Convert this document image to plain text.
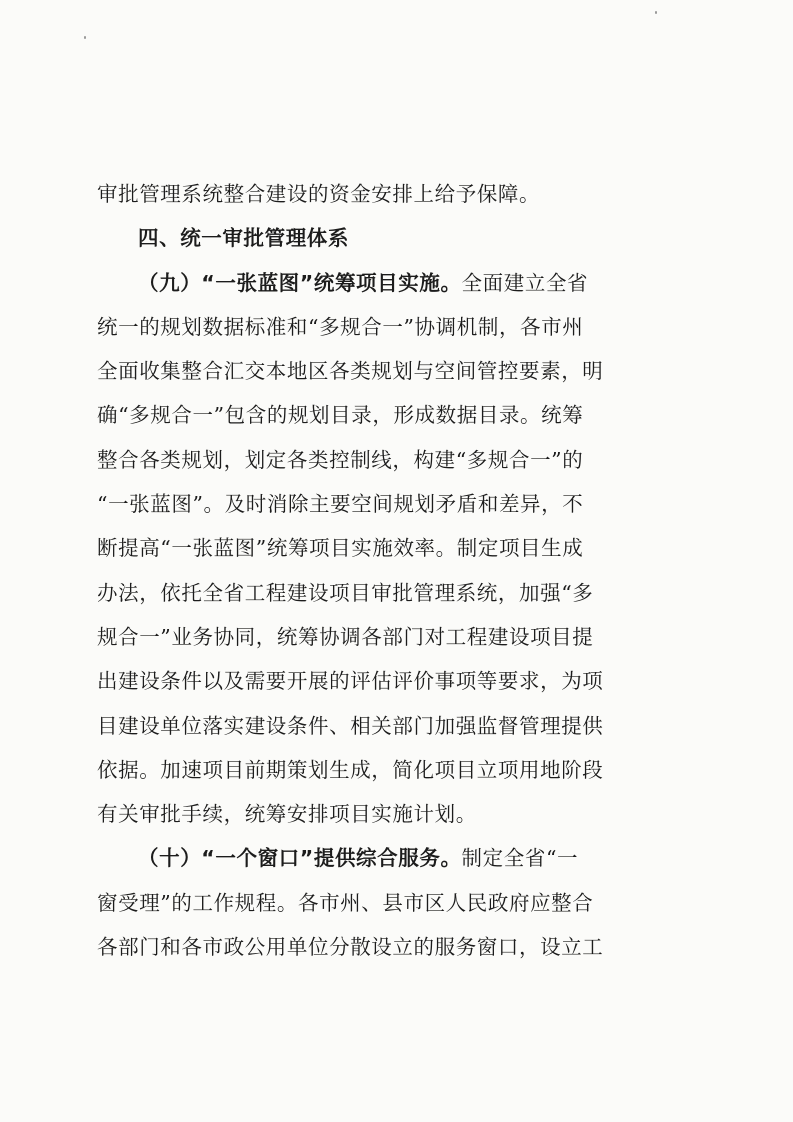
审批管理系统整合建设的资金安排上给予保障。
四、统一审批管理体系
（九）“一张蓝图”统筹项目实施。全面建立全省
统一的规划数据标准和“多规合一”协调机制，各市州
全面收集整合汇交本地区各类规划与空间管控要素，明
确“多规合一”包含的规划目录，形成数据目录。统筹
整合各类规划，划定各类控制线，构建“多规合一”的
“一张蓝图”。及时消除主要空间规划矛盾和差异，不
断提高“一张蓝图”统筹项目实施效率。制定项目生成
办法，依托全省工程建设项目审批管理系统，加强“多
规合一”业务协同，统筹协调各部门对工程建设项目提
出建设条件以及需要开展的评估评价事项等要求，为项
目建设单位落实建设条件、相关部门加强监督管理提供
依据。加速项目前期策划生成，简化项目立项用地阶段
有关审批手续，统筹安排项目实施计划。
（十）“一个窗口”提供综合服务。制定全省“一
窗受理”的工作规程。各市州、县市区人民政府应整合
各部门和各市政公用单位分散设立的服务窗口，设立工
